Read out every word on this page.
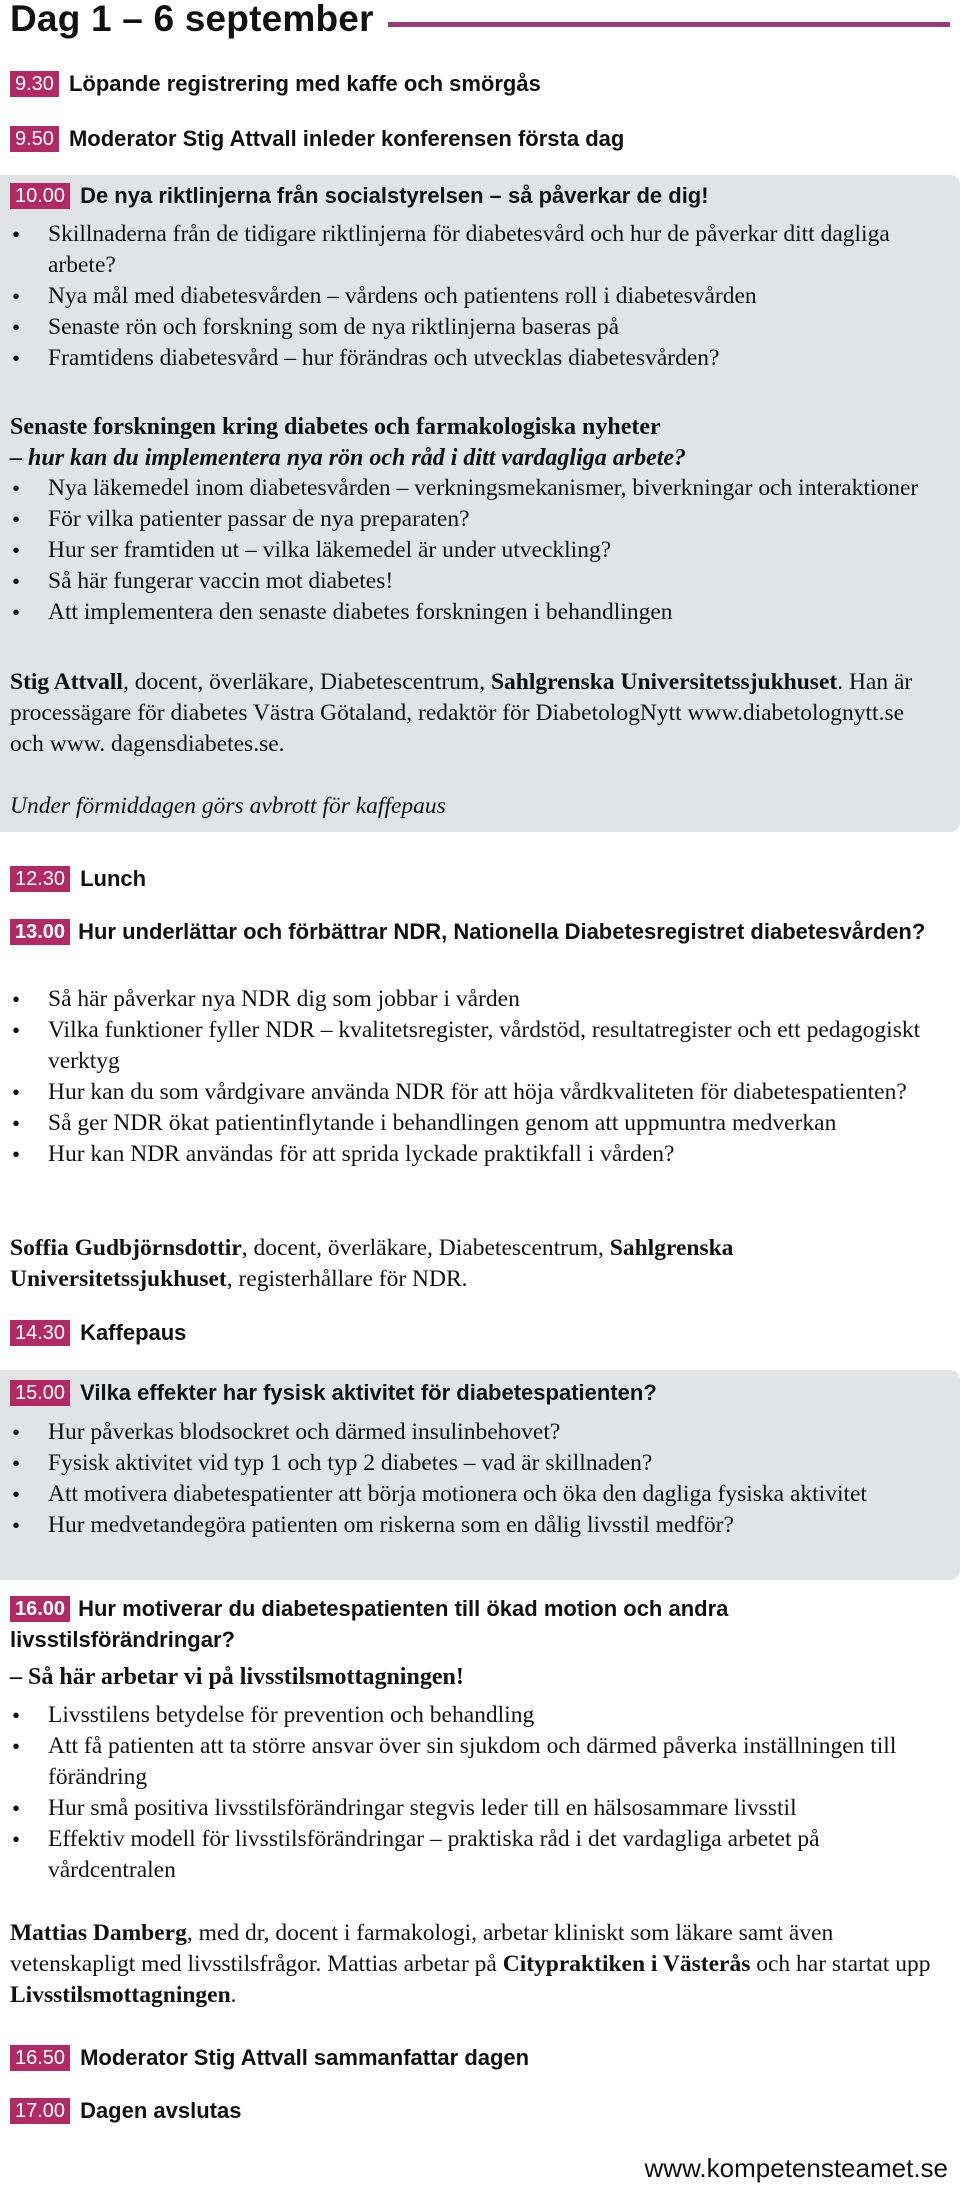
Dag 1 – 6 september
9.30 Löpande registrering med kaffe och smörgås
9.50 Moderator Stig Attvall inleder konferensen första dag
10.00 De nya riktlinjerna från socialstyrelsen – så påverkar de dig!
• Skillnaderna från de tidigare riktlinjerna för diabetesvård och hur de påverkar ditt dagliga arbete?
• Nya mål med diabetesvården – vårdens och patientens roll i diabetesvården
• Senaste rön och forskning som de nya riktlinjerna baseras på
• Framtidens diabetesvård – hur förändras och utvecklas diabetesvården?
Senaste forskningen kring diabetes och farmakologiska nyheter
– hur kan du implementera nya rön och råd i ditt vardagliga arbete?
• Nya läkemedel inom diabetesvården – verkningsmekanismer, biverkningar och interaktioner
• För vilka patienter passar de nya preparaten?
• Hur ser framtiden ut – vilka läkemedel är under utveckling?
• Så här fungerar vaccin mot diabetes!
• Att implementera den senaste diabetes forskningen i behandlingen
Stig Attvall, docent, överläkare, Diabetescentrum, Sahlgrenska Universitetssjukhuset. Han är processägare för diabetes Västra Götaland, redaktör för DiabetologNytt www.diabetolognytt.se och www. dagensdiabetes.se.
Under förmiddagen görs avbrott för kaffepaus
12.30 Lunch
13.00 Hur underlättar och förbättrar NDR, Nationella Diabetesregistret diabetesvården?
• Så här påverkar nya NDR dig som jobbar i vården
• Vilka funktioner fyller NDR – kvalitetsregister, vårdstöd, resultatregister och ett pedagogiskt verktyg
• Hur kan du som vårdgivare använda NDR för att höja vårdkvaliteten för diabetespatienten?
• Så ger NDR ökat patientinflytande i behandlingen genom att uppmuntra medverkan
• Hur kan NDR användas för att sprida lyckade praktikfall i vården?
Soffia Gudbjörnsdottir, docent, överläkare, Diabetescentrum, Sahlgrenska Universitetssjukhuset, registerhållare för NDR.
14.30 Kaffepaus
15.00 Vilka effekter har fysisk aktivitet för diabetespatienten?
• Hur påverkas blodsockret och därmed insulinbehovet?
• Fysisk aktivitet vid typ 1 och typ 2 diabetes – vad är skillnaden?
• Att motivera diabetespatienter att börja motionera och öka den dagliga fysiska aktivitet
• Hur medvetandegöra patienten om riskerna som en dålig livsstil medför?
16.00 Hur motiverar du diabetespatienten till ökad motion och andra livsstilsförändringar?
– Så här arbetar vi på livsstilsmottagningen!
• Livsstilens betydelse för prevention och behandling
• Att få patienten att ta större ansvar över sin sjukdom och därmed påverka inställningen till förändring
• Hur små positiva livsstilsförändringar stegvis leder till en hälsosammare livsstil
• Effektiv modell för livsstilsförändringar – praktiska råd i det vardagliga arbetet på vårdcentralen
Mattias Damberg, med dr, docent i farmakologi, arbetar kliniskt som läkare samt även vetenskapligt med livsstilsfrågor. Mattias arbetar på Citypraktiken i Västerås och har startat upp Livsstilsmottagningen.
16.50 Moderator Stig Attvall sammanfattar dagen
17.00 Dagen avslutas
www.kompetensteamet.se
